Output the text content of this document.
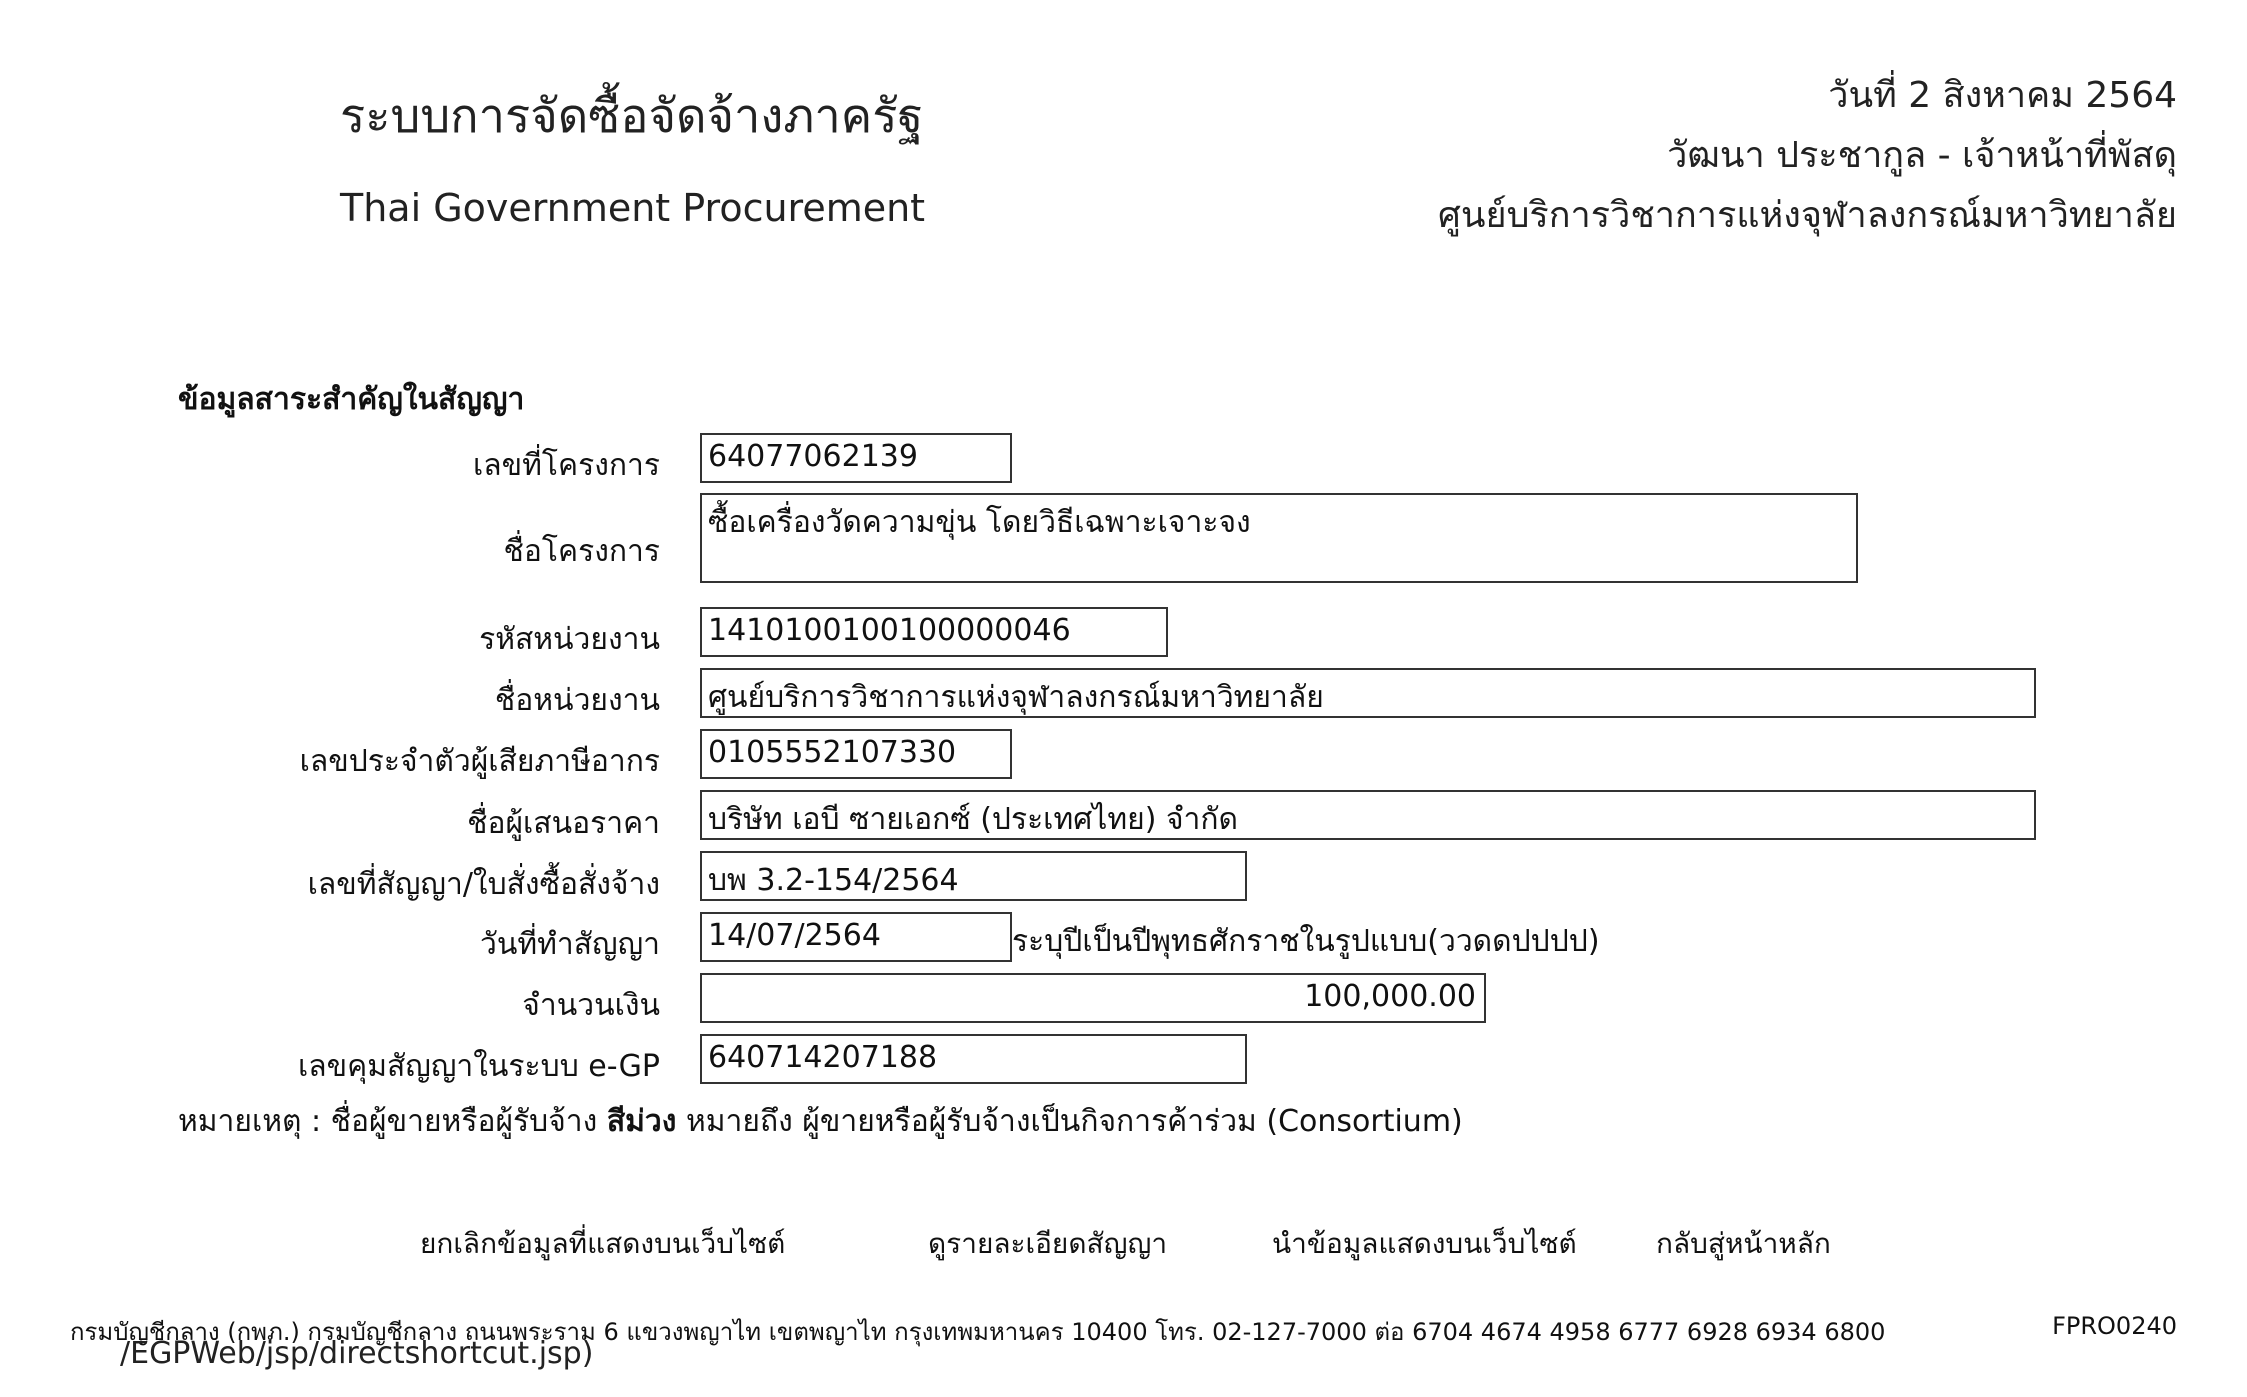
ระบบการจัดซื้อจัดจ้างภาครัฐ
Thai Government Procurement
วันที่ 2 สิงหาคม 2564
วัฒนา ประชากูล - เจ้าหน้าที่พัสดุ
ศูนย์บริการวิชาการแห่งจุฬาลงกรณ์มหาวิทยาลัย
ข้อมูลสาระสำคัญในสัญญา
เลขที่โครงการ 64077062139
ชื่อโครงการ
ซื้อเครื่องวัดความขุ่น โดยวิธีเฉพาะเจาะจง
รหัสหน่วยงาน 1410100100100000046
ชื่อหน่วยงาน ศูนย์บริการวิชาการแห่งจุฬาลงกรณ์มหาวิทยาลัย
เลขประจำตัวผู้เสียภาษีอากร 0105552107330
ชื่อผู้เสนอราคา บริษัท เอบี ซายเอกซ์ (ประเทศไทย) จำกัด
เลขที่สัญญา/ใบสั่งซื้อสั่งจ้าง บพ 3.2-154/2564
วันที่ทำสัญญา 14/07/2564	ระบุปีเป็นปีพุทธศักราชในรูปแบบ(ววดดปปปป)
จำนวนเงิน	100,000.00
เลขคุมสัญญาในระบบ e-GP 640714207188
หมายเหตุ : ชื่อผู้ขายหรือผู้รับจ้าง สีม่วง หมายถึง ผู้ขายหรือผู้รับจ้างเป็นกิจการค้าร่วม (Consortium)
ยกเลิกข้อมูลที่แสดงบนเว็บไซต์	ดูรายละเอียดสัญญา	นำข้อมูลแสดงบนเว็บไซต์	กลับสู่หน้าหลัก
กรมบัญชีกลาง (กพภ.) กรมบัญชีกลาง ถนนพระราม 6 แขวงพญาไท เขตพญาไท กรุงเทพมหานคร 10400 โทร. 02-127-7000 ต่อ 6704 4674 4958 6777 6928 6934 6800	FPRO0240
/EGPWeb/jsp/directshortcut.jsp)
